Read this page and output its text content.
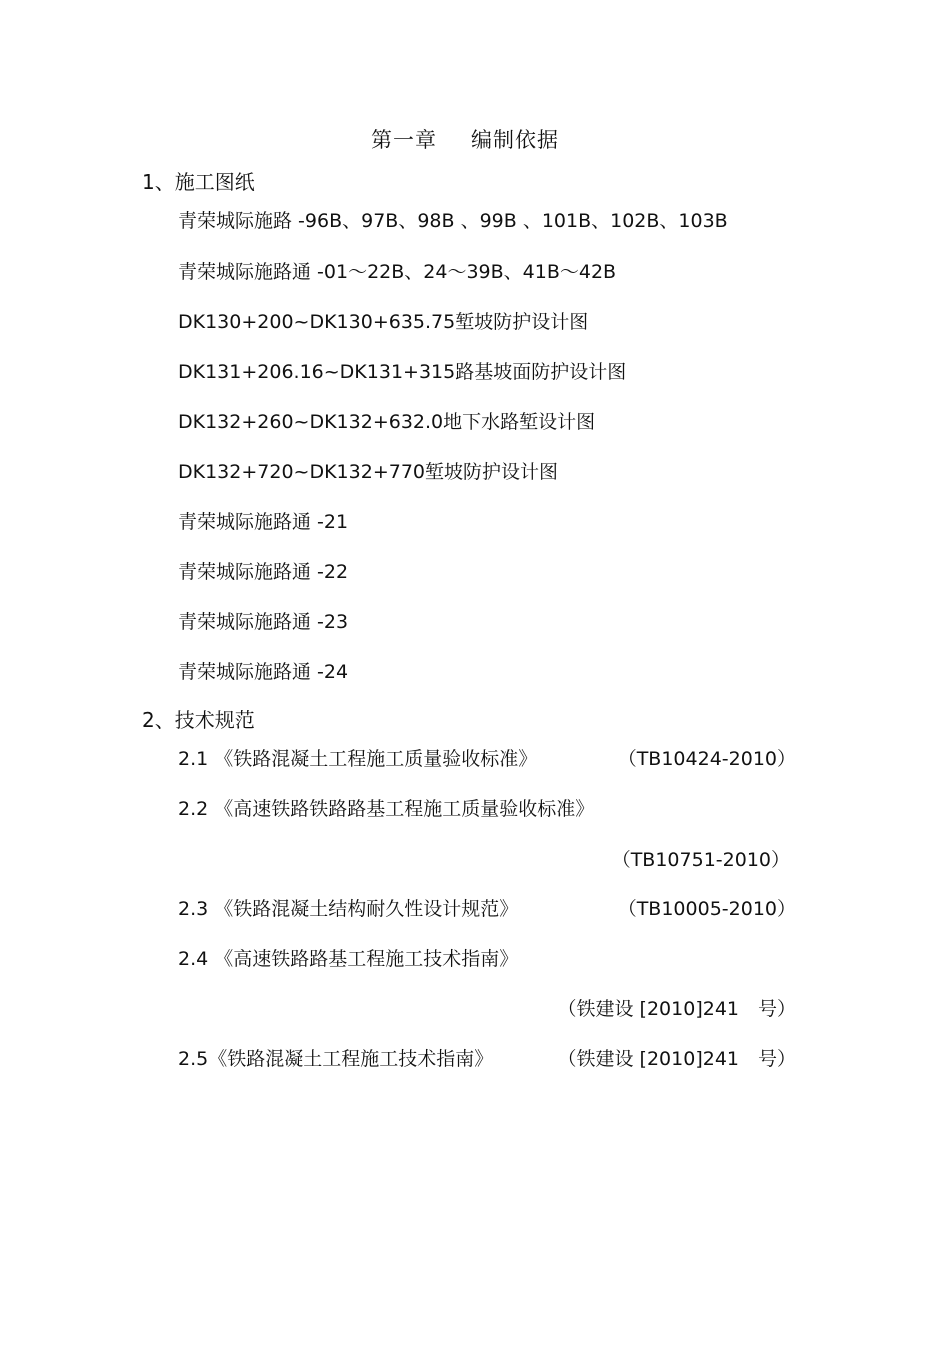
第一章 编制依据
1、施工图纸
青荣城际施路 -96B、97B、98B 、99B 、101B、102B、103B
青荣城际施路通 -01～22B、24～39B、41B～42B
DK130+200~DK130+635.75堑坡防护设计图
DK131+206.16~DK131+315路基坡面防护设计图
DK132+260~DK132+632.0地下水路堑设计图
DK132+720~DK132+770堑坡防护设计图
青荣城际施路通 -21
青荣城际施路通 -22
青荣城际施路通 -23
青荣城际施路通 -24
2、技术规范
2.1 《铁路混凝土工程施工质量验收标准》	（TB10424-2010）
2.2 《高速铁路铁路路基工程施工质量验收标准》
（TB10751-2010）
2.3 《铁路混凝土结构耐久性设计规范》	（TB10005-2010）
2.4 《高速铁路路基工程施工技术指南》
（铁建设 [2010]241　号）
2.5《铁路混凝土工程施工技术指南》	（铁建设 [2010]241　号）
